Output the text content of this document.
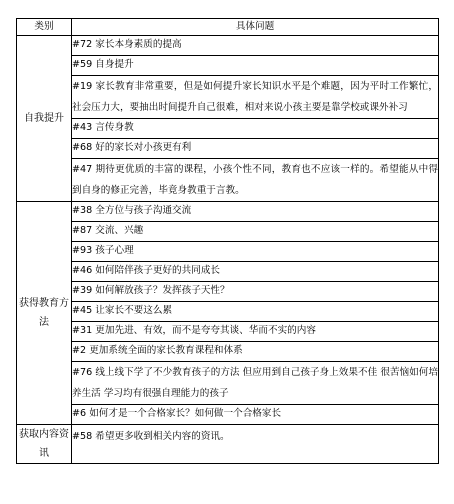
类别	具体问题
自我提升	#72 家长本身素质的提高
	#59 自身提升
	#19 家长教育非常重要，但是如何提升家长知识水平是个难题，因为平时工作繁忙，社会压力大，要抽出时间提升自己很难，相对来说小孩主要是靠学校或课外补习
	#43 言传身教
	#68 好的家长对小孩更有利
	#47 期待更优质的丰富的课程，小孩个性不同，教育也不应该一样的。希望能从中得到自身的修正完善，毕竟身教重于言教。
获得教育方法	#38 全方位与孩子沟通交流
	#87 交流、兴趣
	#93 孩子心理
	#46 如何陪伴孩子更好的共同成长
	#39 如何解放孩子？发挥孩子天性？
	#45 让家长不要这么累
	#31 更加先进、有效，而不是夸夸其谈、华而不实的内容
	#2 更加系统全面的家长教育课程和体系
	#76 线上线下学了不少教育孩子的方法 但应用到自己孩子身上效果不佳 很苦恼如何培养生活 学习均有很强自理能力的孩子
	#6 如何才是一个合格家长？如何做一个合格家长
获取内容资讯	#58 希望更多收到相关内容的资讯。
